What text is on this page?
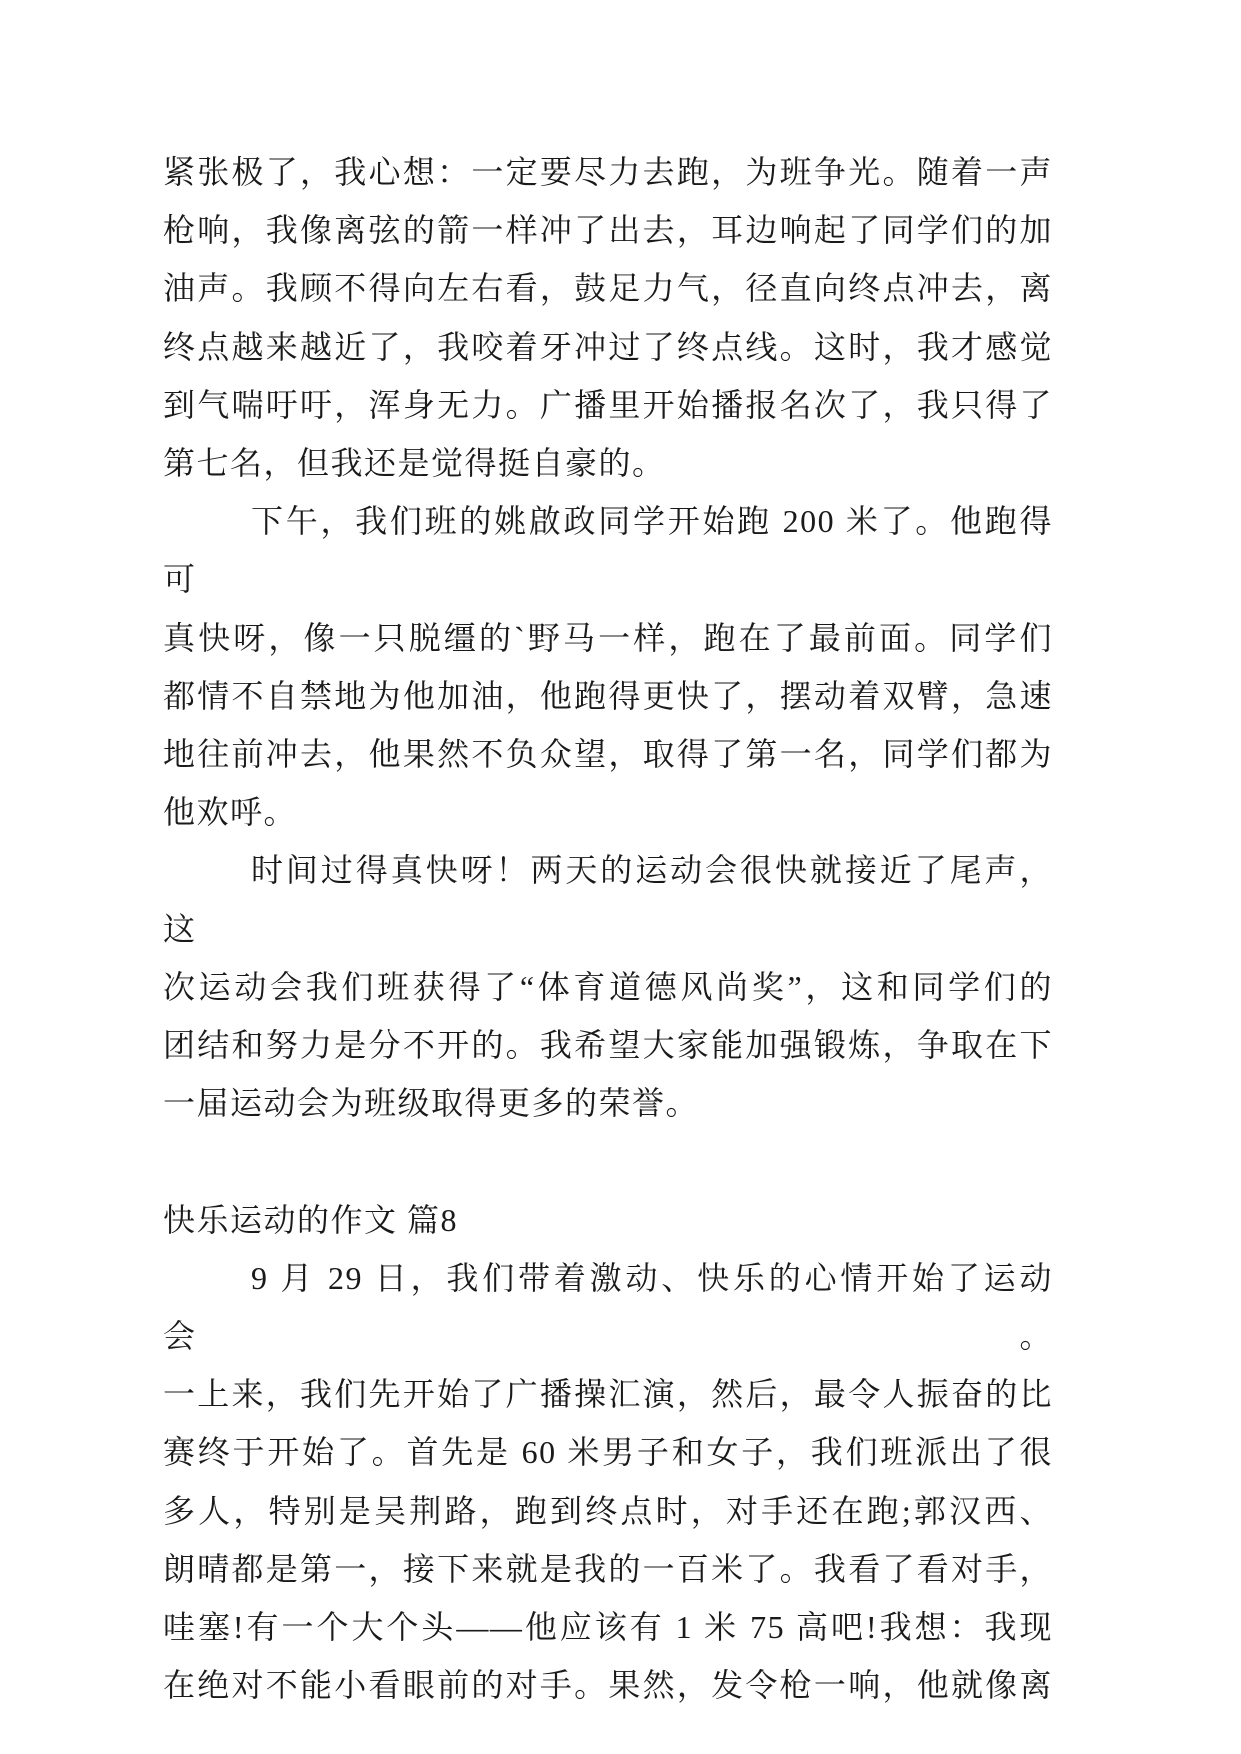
紧张极了，我心想：一定要尽力去跑，为班争光。随着一声
枪响，我像离弦的箭一样冲了出去，耳边响起了同学们的加
油声。我顾不得向左右看，鼓足力气，径直向终点冲去，离
终点越来越近了，我咬着牙冲过了终点线。这时，我才感觉
到气喘吁吁，浑身无力。广播里开始播报名次了，我只得了
第七名，但我还是觉得挺自豪的。
下午，我们班的姚啟政同学开始跑 200 米了。他跑得可
真快呀，像一只脱缰的`野马一样，跑在了最前面。同学们
都情不自禁地为他加油，他跑得更快了，摆动着双臂，急速
地往前冲去，他果然不负众望，取得了第一名，同学们都为
他欢呼。
时间过得真快呀！两天的运动会很快就接近了尾声，这
次运动会我们班获得了“体育道德风尚奖”，这和同学们的
团结和努力是分不开的。我希望大家能加强锻炼，争取在下
一届运动会为班级取得更多的荣誉。
快乐运动的作文 篇8
9 月 29 日，我们带着激动、快乐的心情开始了运动会。
一上来，我们先开始了广播操汇演，然后，最令人振奋的比
赛终于开始了。首先是 60 米男子和女子，我们班派出了很
多人，特别是吴荆路，跑到终点时，对手还在跑;郭汉西、
朗晴都是第一，接下来就是我的一百米了。我看了看对手，
哇塞!有一个大个头——他应该有 1 米 75 高吧!我想：我现
在绝对不能小看眼前的对手。果然，发令枪一响，他就像离
